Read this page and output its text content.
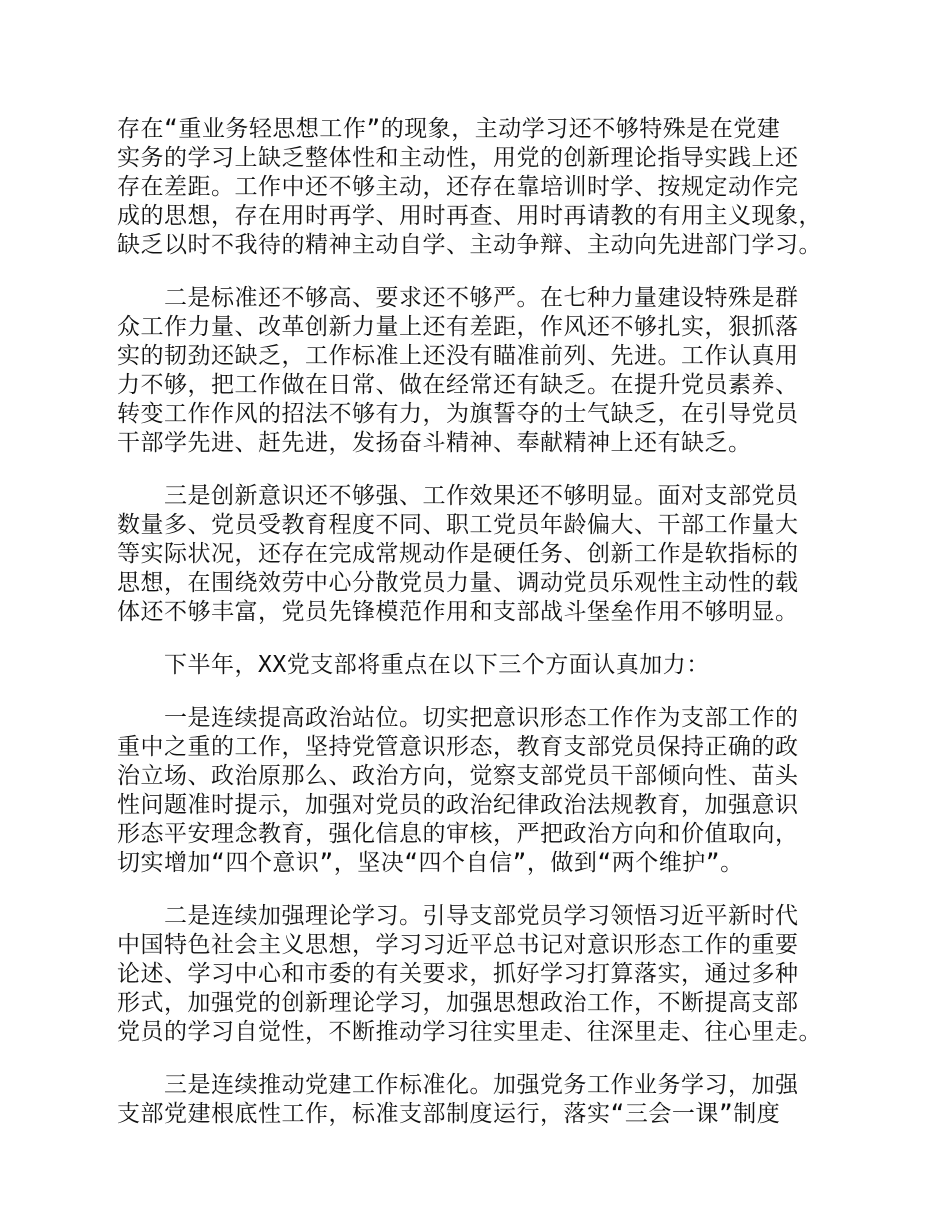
存在“重业务轻思想工作”的现象，主动学习还不够特殊是在党建
实务的学习上缺乏整体性和主动性，用党的创新理论指导实践上还
存在差距。工作中还不够主动，还存在靠培训时学、按规定动作完
成的思想，存在用时再学、用时再查、用时再请教的有用主义现象，
缺乏以时不我待的精神主动自学、主动争辩、主动向先进部门学习。
二是标准还不够高、要求还不够严。在七种力量建设特殊是群
众工作力量、改革创新力量上还有差距，作风还不够扎实，狠抓落
实的韧劲还缺乏，工作标准上还没有瞄准前列、先进。工作认真用
力不够，把工作做在日常、做在经常还有缺乏。在提升党员素养、
转变工作作风的招法不够有力，为旗誓夺的士气缺乏，在引导党员
干部学先进、赶先进，发扬奋斗精神、奉献精神上还有缺乏。
三是创新意识还不够强、工作效果还不够明显。面对支部党员
数量多、党员受教育程度不同、职工党员年龄偏大、干部工作量大
等实际状况，还存在完成常规动作是硬任务、创新工作是软指标的
思想，在围绕效劳中心分散党员力量、调动党员乐观性主动性的载
体还不够丰富，党员先锋模范作用和支部战斗堡垒作用不够明显。
下半年，XX党支部将重点在以下三个方面认真加力：
一是连续提高政治站位。切实把意识形态工作作为支部工作的
重中之重的工作，坚持党管意识形态，教育支部党员保持正确的政
治立场、政治原那么、政治方向，觉察支部党员干部倾向性、苗头
性问题准时提示，加强对党员的政治纪律政治法规教育，加强意识
形态平安理念教育，强化信息的审核，严把政治方向和价值取向，
切实增加“四个意识”，坚决“四个自信”，做到“两个维护”。
二是连续加强理论学习。引导支部党员学习领悟习近平新时代
中国特色社会主义思想，学习习近平总书记对意识形态工作的重要
论述、学习中心和市委的有关要求，抓好学习打算落实，通过多种
形式，加强党的创新理论学习，加强思想政治工作，不断提高支部
党员的学习自觉性，不断推动学习往实里走、往深里走、往心里走。
三是连续推动党建工作标准化。加强党务工作业务学习，加强
支部党建根底性工作，标准支部制度运行，落实“三会一课”制度
